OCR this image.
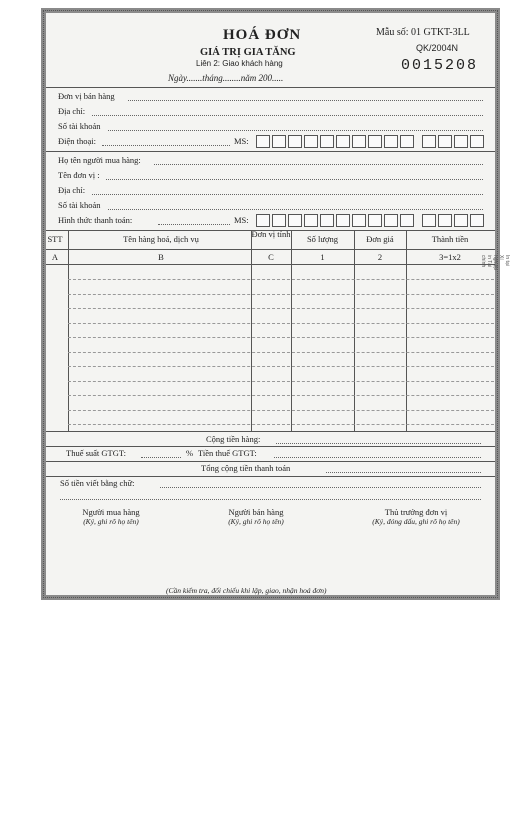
HOÁ ĐƠN
GIÁ TRỊ GIA TĂNG
Liên 2: Giao khách hàng
Ngày.......tháng........năm 200.....
Mẫu số: 01 GTKT-3LL
QK/2004N
0015208
Đơn vị bán hàng
Địa chỉ:
Số tài khoản
Điện thoại:	MS:
Họ tên người mua hàng:
Tên đơn vị :
Địa chỉ:
Số tài khoản
Hình thức thanh toán:	MS:
STT	Tên hàng hoá, dịch vụ	Đơn vị tính	Số lượng	Đơn giá	Thành tiền
A	B	C	1	2	3=1x2
Cộng tiền hàng:
Thuế suất GTGT:	% Tiền thuế GTGT:
Tổng cộng tiền thanh toán
Số tiền viết bằng chữ:
Người mua hàng
(Ký, ghi rõ họ tên)
Người bán hàng
(Ký, ghi rõ họ tên)
Thủ trưởng đơn vị
(Ký, đóng dấu, ghi rõ họ tên)
(Cần kiểm tra, đối chiếu khi lập, giao, nhận hoá đơn)
In tại Xí nghiệp in Tài chính
